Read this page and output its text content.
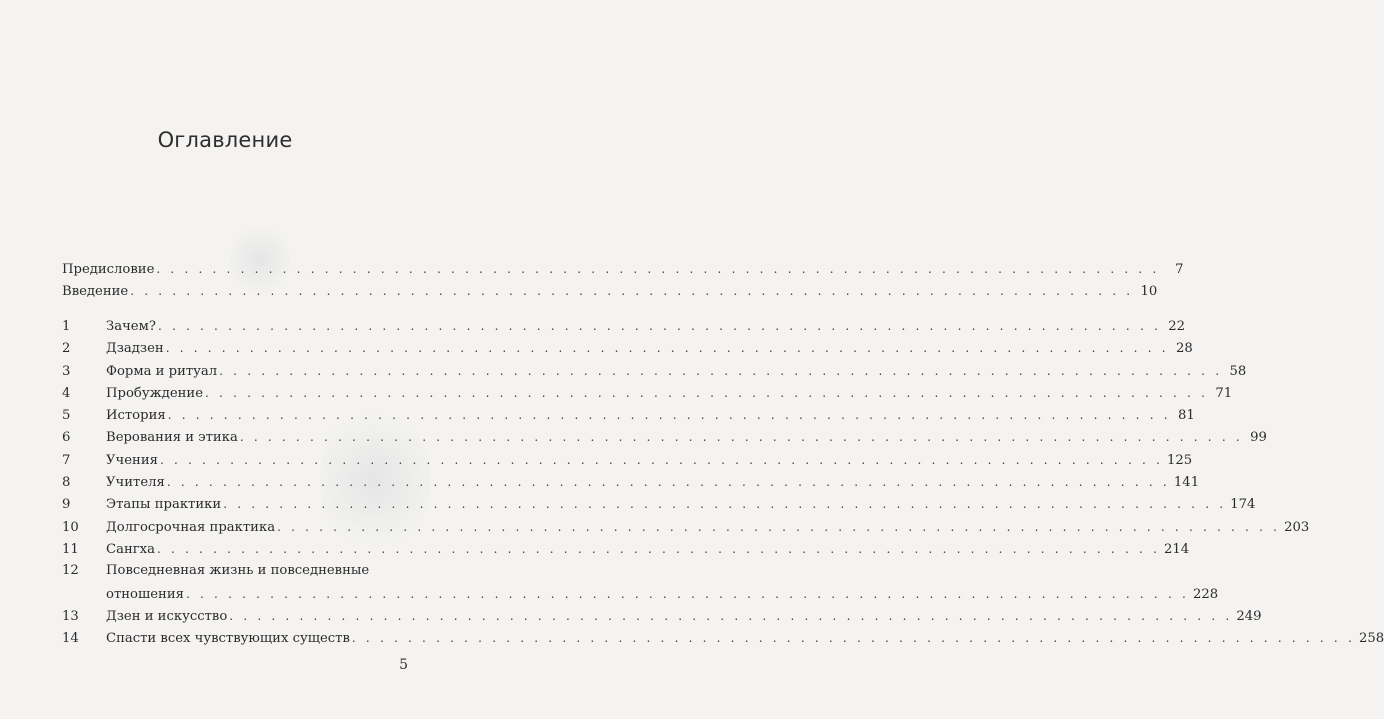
Оглавление
Предисловие . . .	7
Введение . . .	10
1	Зачем? . . .	22
2	Дзадзен . . .	28
3	Форма и ритуал . . .	58
4	Пробуждение . . .	71
5	История . . .	81
6	Верования и этика . . .	99
7	Учения . . .	125
8	Учителя . . .	141
9	Этапы практики . . .	174
10	Долгосрочная практика . . .	203
11	Сангха . . .	214
12	Повседневная жизнь и повседневные
отношения . . .	228
13	Дзен и искусство . . .	249
14	Спасти всех чувствующих существ . . .	258
5
